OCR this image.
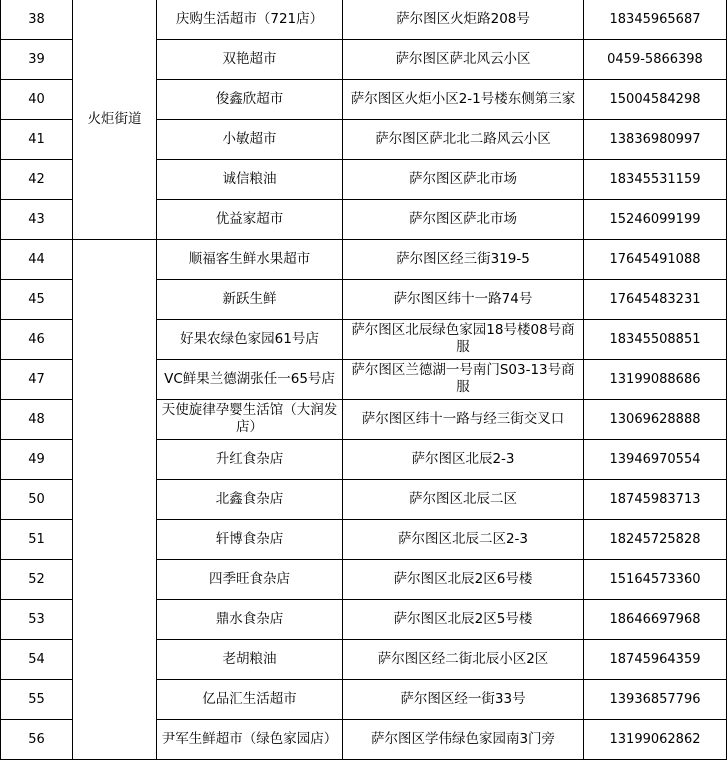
38	火炬街道	庆购生活超市（721店）	萨尔图区火炬路208号	18345965687
39		双艳超市	萨尔图区萨北风云小区	0459-5866398
40		俊鑫欣超市	萨尔图区火炬小区2-1号楼东侧第三家	15004584298
41		小敏超市	萨尔图区萨北北二路风云小区	13836980997
42		诚信粮油	萨尔图区萨北市场	18345531159
43		优益家超市	萨尔图区萨北市场	15246099199
44		顺福客生鲜水果超市	萨尔图区经三街319-5	17645491088
45		新跃生鲜	萨尔图区纬十一路74号	17645483231
46		好果农绿色家园61号店	萨尔图区北辰绿色家园18号楼08号商服	18345508851
47		VC鲜果兰德湖张任一65号店	萨尔图区兰德湖一号南门S03-13号商服	13199088686
48		天使旋律孕婴生活馆（大润发店）	萨尔图区纬十一路与经三街交叉口	13069628888
49		升红食杂店	萨尔图区北辰2-3	13946970554
50		北鑫食杂店	萨尔图区北辰二区	18745983713
51		轩博食杂店	萨尔图区北辰二区2-3	18245725828
52		四季旺食杂店	萨尔图区北辰2区6号楼	15164573360
53		鼎水食杂店	萨尔图区北辰2区5号楼	18646697968
54		老胡粮油	萨尔图区经二街北辰小区2区	18745964359
55		亿品汇生活超市	萨尔图区经一街33号	13936857796
56		尹军生鲜超市（绿色家园店）	萨尔图区学伟绿色家园南3门旁	13199062862
